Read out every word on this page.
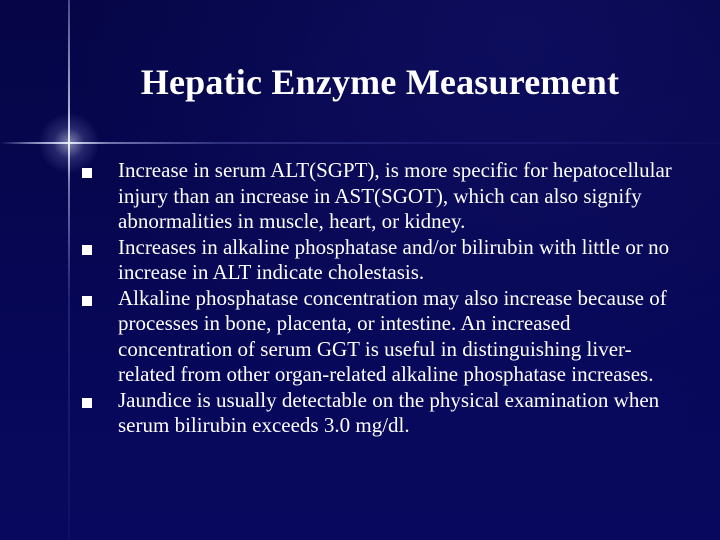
Hepatic Enzyme Measurement
Increase in serum ALT(SGPT), is more specific for hepatocellular injury than an increase in AST(SGOT), which can also signify abnormalities in muscle, heart, or kidney.
Increases in alkaline phosphatase and/or bilirubin with little or no increase in ALT indicate cholestasis.
Alkaline phosphatase concentration may also increase because of processes in bone, placenta, or intestine. An increased concentration of serum GGT is useful in distinguishing liver-related from other organ-related alkaline phosphatase increases.
Jaundice is usually detectable on the physical examination when serum bilirubin exceeds 3.0 mg/dl.
